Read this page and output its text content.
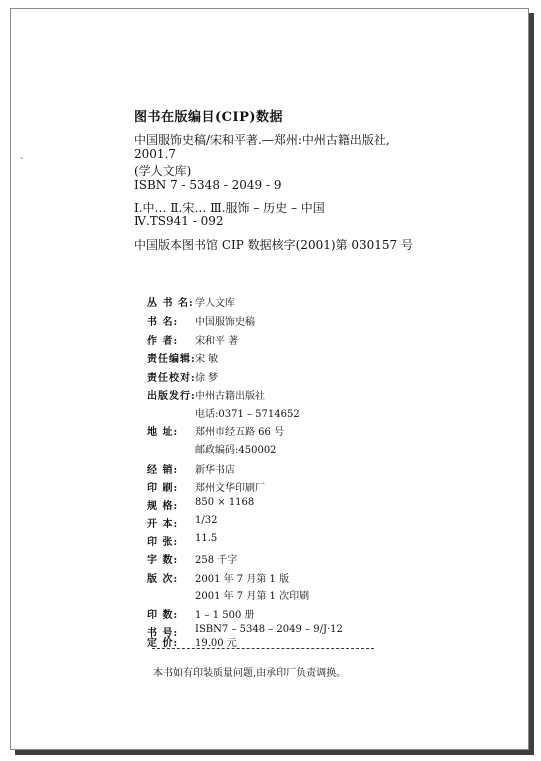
ˋ
图书在版编目(CIP)数据
中国服饰史稿/宋和平著.—郑州:中州古籍出版社,
2001.7
(学人文库)
ISBN 7 - 5348 - 2049 - 9
Ⅰ.中… Ⅱ.宋… Ⅲ.服饰 – 历史 – 中国
Ⅳ.TS941 - 092
中国版本图书馆 CIP 数据核字(2001)第 030157 号
丛 书 名: 学人文库
书 名: 中国服饰史稿
作 者: 宋和平 著
责任编辑: 宋 敏
责任校对: 徐 梦
出版发行: 中州古籍出版社
电话:0371 – 5714652
地 址: 郑州市经五路 66 号
邮政编码:450002
经 销: 新华书店
印 刷: 郑州文华印刷厂
规 格: 850 × 1168
开 本: 1/32
印 张: 11.5
字 数: 258 千字
版 次: 2001 年 7 月第 1 版
2001 年 7 月第 1 次印刷
印 数: 1 – 1 500 册
书 号: ISBN7 – 5348 – 2049 – 9/J·12
定 价: 19.00 元
本书如有印装质量问题,由承印厂负责调换。
